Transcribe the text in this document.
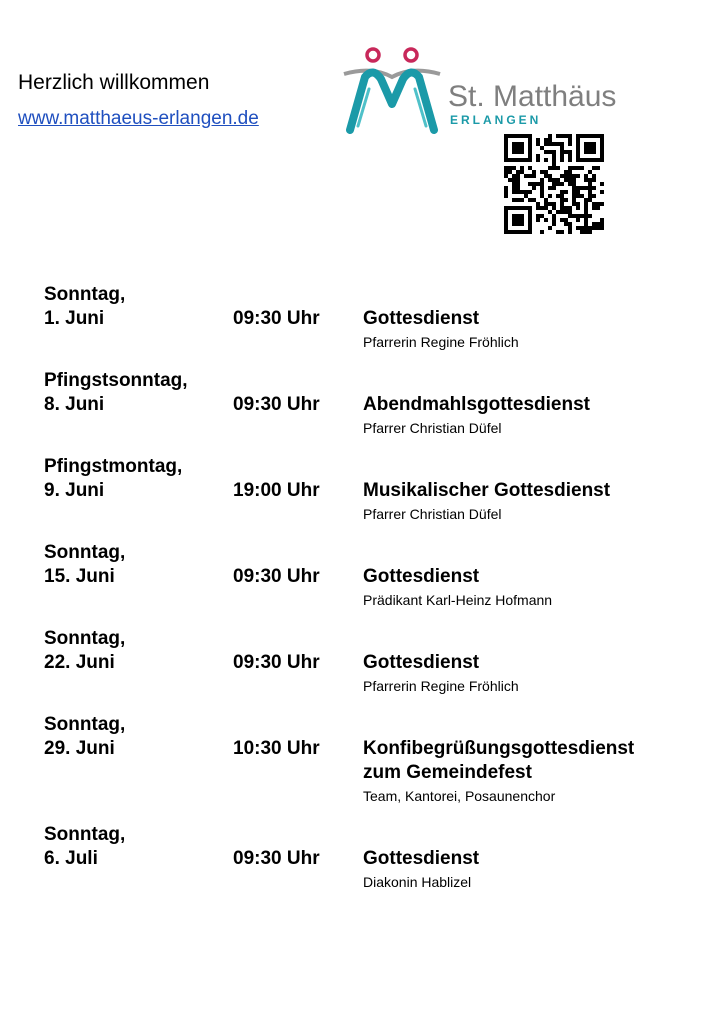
Herzlich willkommen
www.matthaeus-erlangen.de
St. Matthäus
ERLANGEN
Sonntag,
1. Juni	09:30 Uhr	Gottesdienst
Pfarrerin Regine Fröhlich
Pfingstsonntag,
8. Juni	09:30 Uhr	Abendmahlsgottesdienst
Pfarrer Christian Düfel
Pfingstmontag,
9. Juni	19:00 Uhr	Musikalischer Gottesdienst
Pfarrer Christian Düfel
Sonntag,
15. Juni	09:30 Uhr	Gottesdienst
Prädikant Karl-Heinz Hofmann
Sonntag,
22. Juni	09:30 Uhr	Gottesdienst
Pfarrerin Regine Fröhlich
Sonntag,
29. Juni	10:30 Uhr	Konfibegrüßungsgottesdienst
zum Gemeindefest
Team, Kantorei, Posaunenchor
Sonntag,
6. Juli	09:30 Uhr	Gottesdienst
Diakonin Hablizel
